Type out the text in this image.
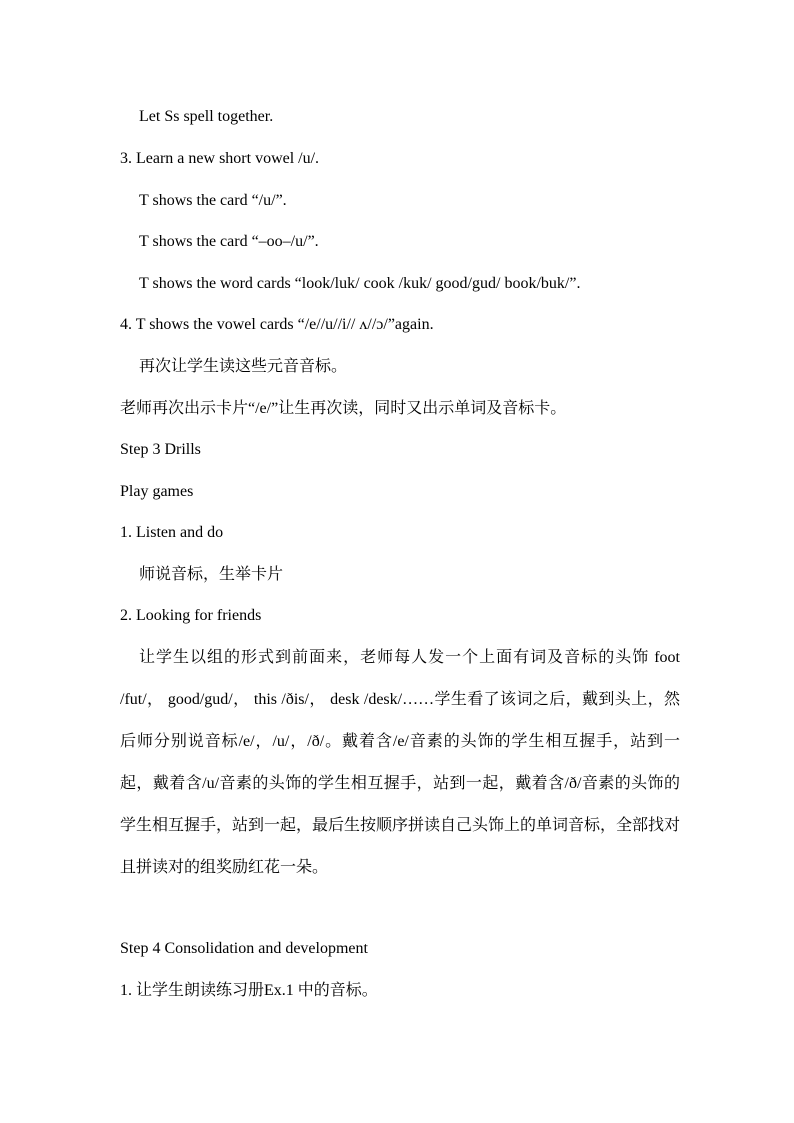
Let Ss spell together.
3. Learn a new short vowel /u/.
T shows the card “/u/”.
T shows the card “–oo–/u/”.
T shows the word cards “look/luk/ cook /kuk/ good/gud/ book/buk/”.
4. T shows the vowel cards “/e//u//i// ʌ//ɔ/”again.
再次让学生读这些元音音标。
老师再次出示卡片“/e/”让生再次读，同时又出示单词及音标卡。
Step 3 Drills
Play games
1. Listen and do
师说音标，生举卡片
2. Looking for friends

让学生以组的形式到前面来，老师每人发一个上面有词及音标的头饰 foot /fut/， good/gud/， this /ðis/， desk /desk/……学生看了该词之后，戴到头上，然后师分别说音标/e/，/u/，/ð/。戴着含/e/音素的头饰的学生相互握手，站到一起，戴着含/u/音素的头饰的学生相互握手，站到一起，戴着含/ð/音素的头饰的学生相互握手，站到一起，最后生按顺序拼读自己头饰上的单词音标，全部找对且拼读对的组奖励红花一朵。

Step 4 Consolidation and development
1. 让学生朗读练习册Ex.1 中的音标。
